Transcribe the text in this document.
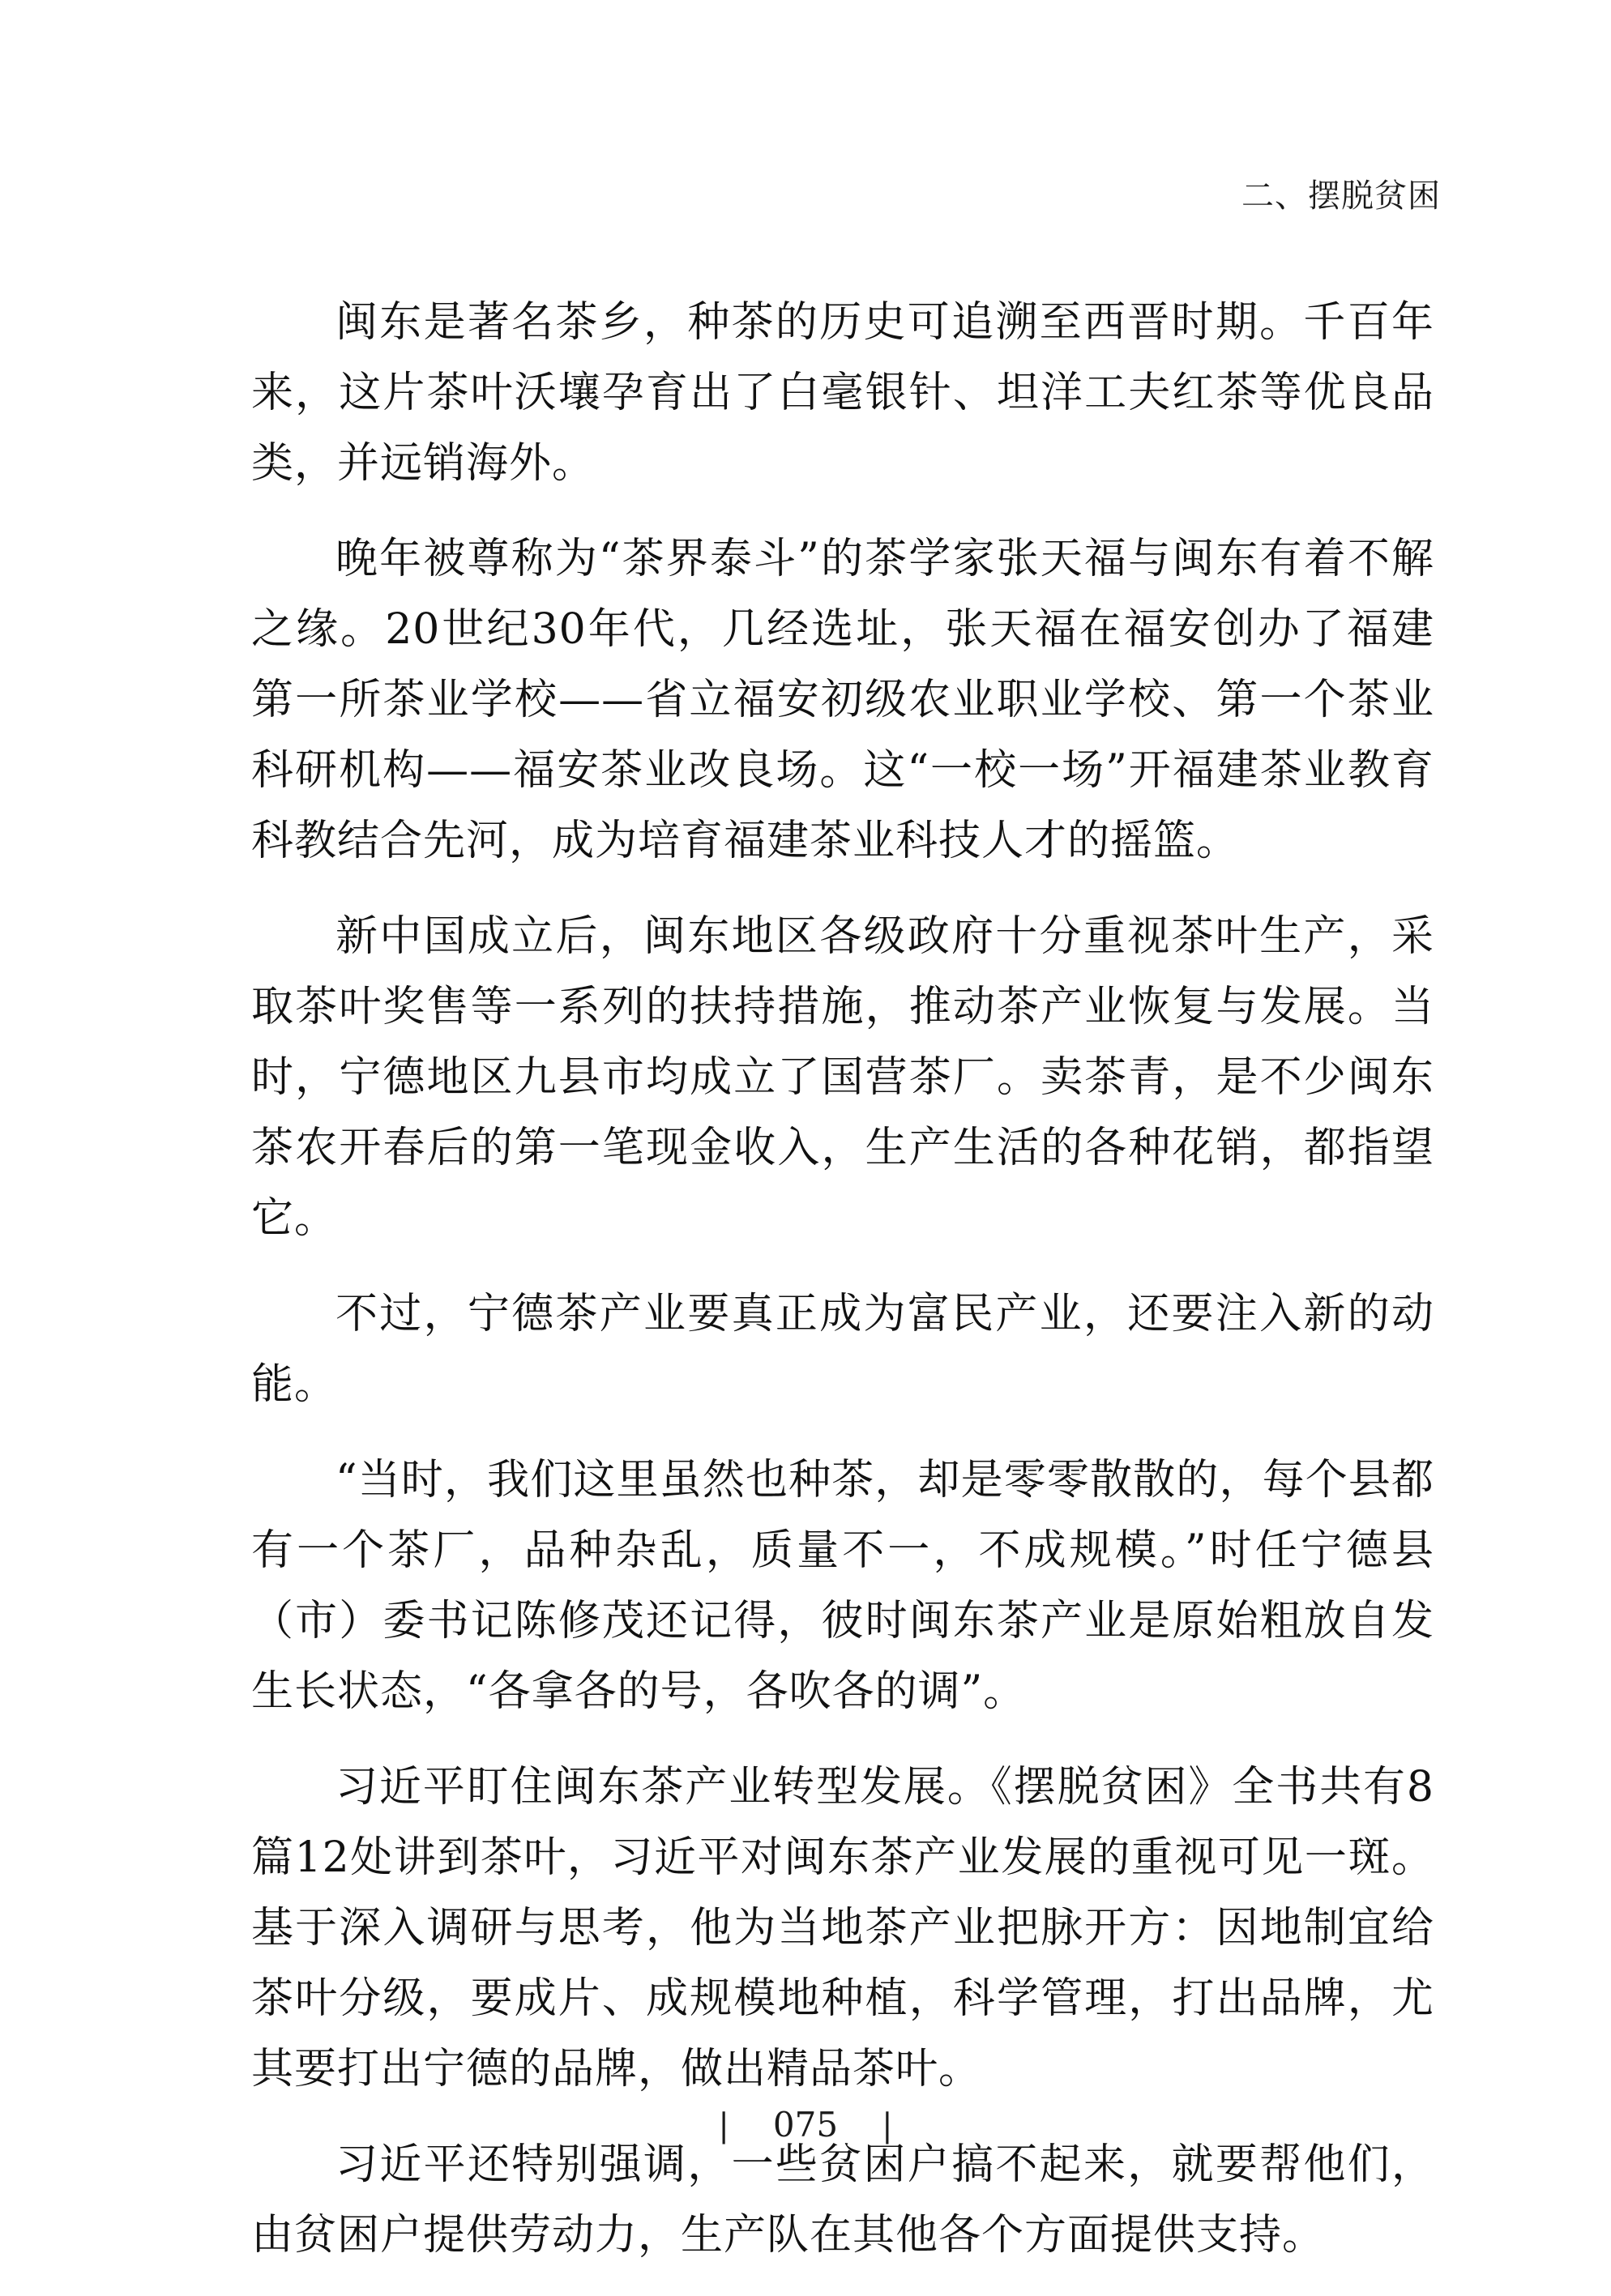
二、摆脱贫困

闽东是著名茶乡，种茶的历史可追溯至西晋时期。千百年来，这片茶叶沃壤孕育出了白毫银针、坦洋工夫红茶等优良品类，并远销海外。

晚年被尊称为“茶界泰斗”的茶学家张天福与闽东有着不解之缘。20世纪30年代，几经选址，张天福在福安创办了福建第一所茶业学校——省立福安初级农业职业学校、第一个茶业科研机构——福安茶业改良场。这“一校一场”开福建茶业教育科教结合先河，成为培育福建茶业科技人才的摇篮。

新中国成立后，闽东地区各级政府十分重视茶叶生产，采取茶叶奖售等一系列的扶持措施，推动茶产业恢复与发展。当时，宁德地区九县市均成立了国营茶厂。卖茶青，是不少闽东茶农开春后的第一笔现金收入，生产生活的各种花销，都指望它。

不过，宁德茶产业要真正成为富民产业，还要注入新的动能。

“当时，我们这里虽然也种茶，却是零零散散的，每个县都有一个茶厂，品种杂乱，质量不一，不成规模。”时任宁德县（市）委书记陈修茂还记得，彼时闽东茶产业是原始粗放自发生长状态，“各拿各的号，各吹各的调”。

习近平盯住闽东茶产业转型发展。《摆脱贫困》全书共有8篇12处讲到茶叶，习近平对闽东茶产业发展的重视可见一斑。基于深入调研与思考，他为当地茶产业把脉开方：因地制宜给茶叶分级，要成片、成规模地种植，科学管理，打出品牌，尤其要打出宁德的品牌，做出精品茶叶。

习近平还特别强调，一些贫困户搞不起来，就要帮他们，由贫困户提供劳动力，生产队在其他各个方面提供支持。

| 075 |
